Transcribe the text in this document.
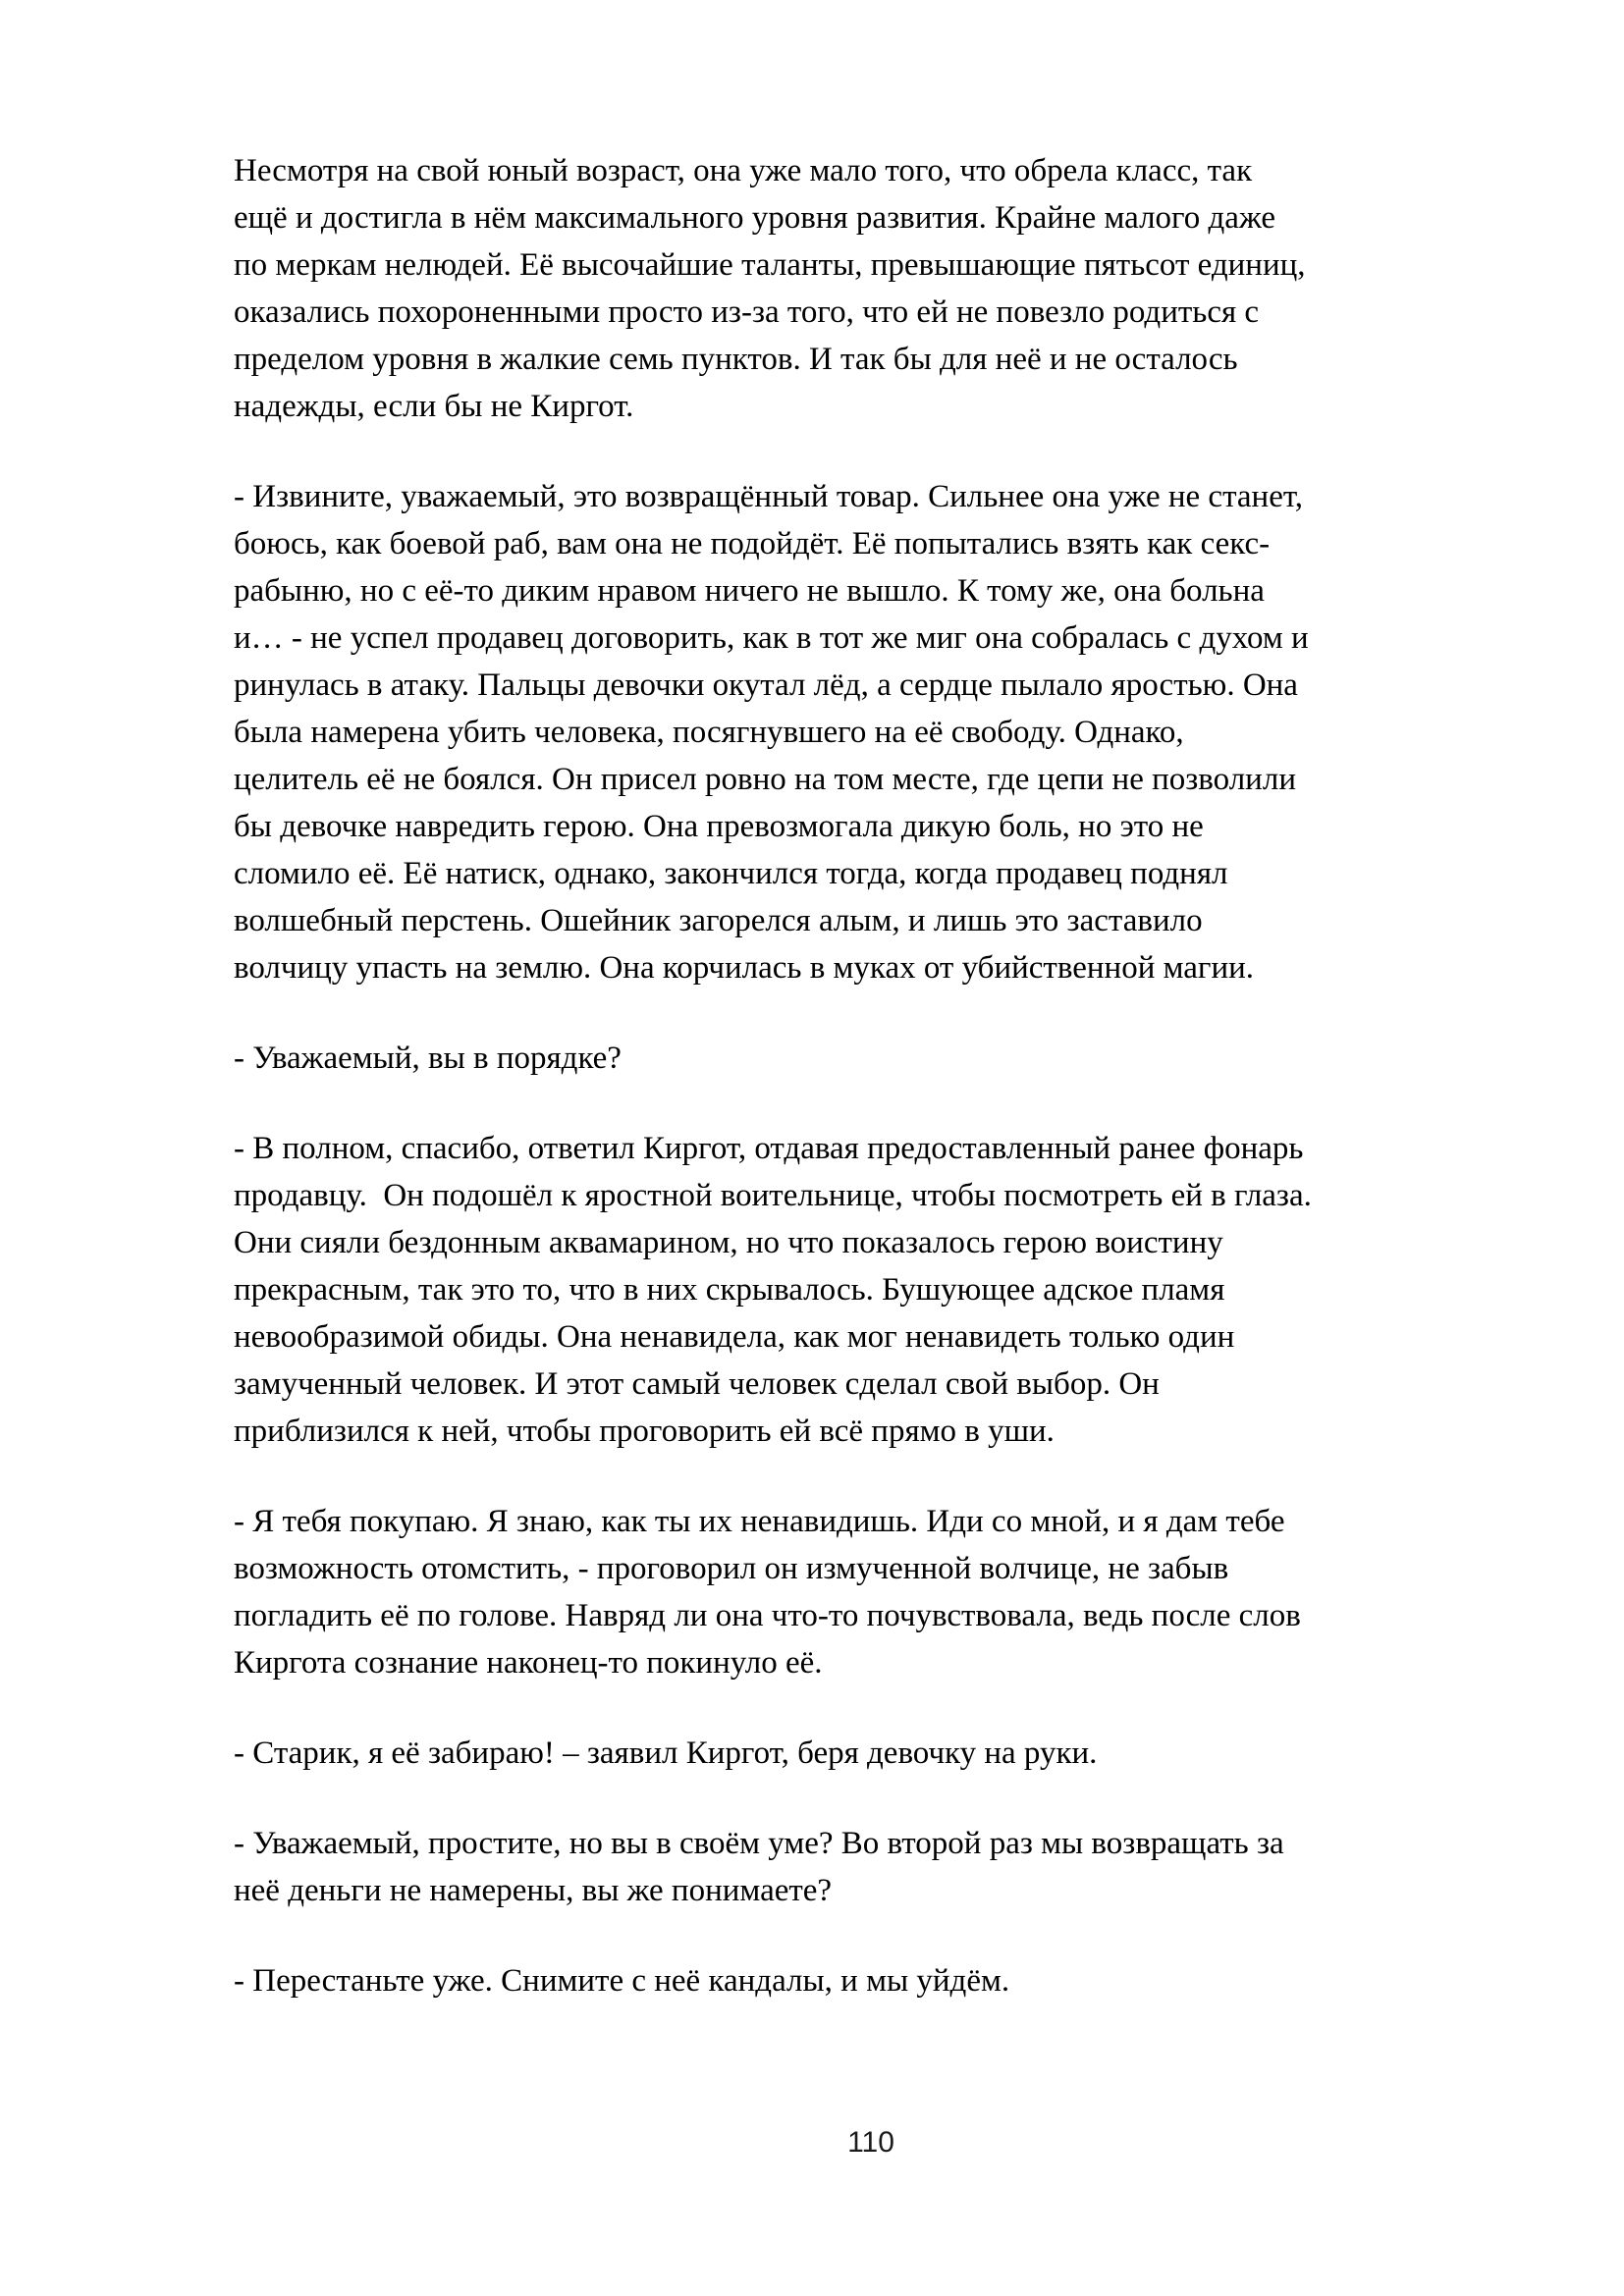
Несмотря на свой юный возраст, она уже мало того, что обрела класс, так
ещё и достигла в нём максимального уровня развития. Крайне малого даже
по меркам нелюдей. Её высочайшие таланты, превышающие пятьсот единиц,
оказались похороненными просто из-за того, что ей не повезло родиться с
пределом уровня в жалкие семь пунктов. И так бы для неё и не осталось
надежды, если бы не Киргот.
- Извините, уважаемый, это возвращённый товар. Сильнее она уже не станет,
боюсь, как боевой раб, вам она не подойдёт. Её попытались взять как секс-
рабыню, но с её-то диким нравом ничего не вышло. К тому же, она больна
и… - не успел продавец договорить, как в тот же миг она собралась с духом и
ринулась в атаку. Пальцы девочки окутал лёд, а сердце пылало яростью. Она
была намерена убить человека, посягнувшего на её свободу. Однако,
целитель её не боялся. Он присел ровно на том месте, где цепи не позволили
бы девочке навредить герою. Она превозмогала дикую боль, но это не
сломило её. Её натиск, однако, закончился тогда, когда продавец поднял
волшебный перстень. Ошейник загорелся алым, и лишь это заставило
волчицу упасть на землю. Она корчилась в муках от убийственной магии.
- Уважаемый, вы в порядке?
- В полном, спасибо, ответил Киргот, отдавая предоставленный ранее фонарь
продавцу.  Он подошёл к яростной воительнице, чтобы посмотреть ей в глаза.
Они сияли бездонным аквамарином, но что показалось герою воистину
прекрасным, так это то, что в них скрывалось. Бушующее адское пламя
невообразимой обиды. Она ненавидела, как мог ненавидеть только один
замученный человек. И этот самый человек сделал свой выбор. Он
приблизился к ней, чтобы проговорить ей всё прямо в уши.
- Я тебя покупаю. Я знаю, как ты их ненавидишь. Иди со мной, и я дам тебе
возможность отомстить, - проговорил он измученной волчице, не забыв
погладить её по голове. Навряд ли она что-то почувствовала, ведь после слов
Киргота сознание наконец-то покинуло её.
- Старик, я её забираю! – заявил Киргот, беря девочку на руки.
- Уважаемый, простите, но вы в своём уме? Во второй раз мы возвращать за
неё деньги не намерены, вы же понимаете?
- Перестаньте уже. Снимите с неё кандалы, и мы уйдём.
110
